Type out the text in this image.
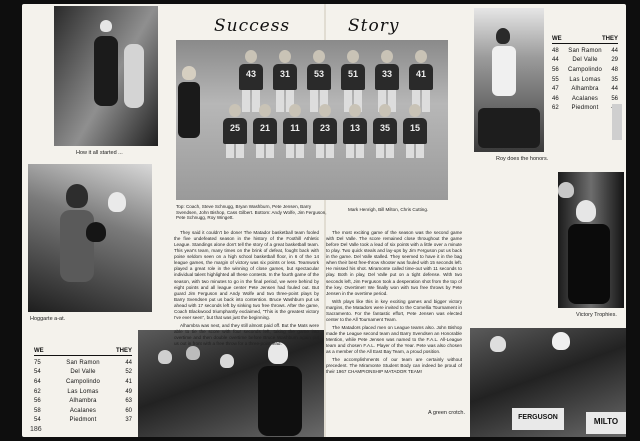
How it all started ...
Hoggarte a-at.
WE	THEY
75	San Ramon	44
54	Del Valle	52
64	Campolindo	41
62	Las Lomas	49
56	Alhambra	63
58	Acalanes	60
54	Piedmont	37
186
Success	Story
43	31	53	51	33	41
25	21	11	23	13	35	15
Top: Coach, Steve Schnugg, Bryan Washburn, Pete Jensen, Barry Svendsen, John Bishop, Cass Gilbert. Bottom: Andy Wolfe, Jim Ferguson, Pete Schnugg, Roy Wingett.
Mark Henrigh, Bill Milton, Chris Cutting.

They said it couldn't be done! The Matador basketball team fooled the five undefeated season in the history of the Foothill Athletic League. Standings alone don't tell the story of a great basketball team. This year's team, many times on the brink of defeat, fought back with poise seldom seen on a high school basketball floor, in 6 of the 14 league games, the margin of victory was six points or less. Teamwork played a great role in the winning of close games, but spectacular individual talent highlighted all these contests. In the fourth game of the season, with two minutes to go in the final period, we were behind by eight points and all league center Pete Jensen had fouled out. But guard Jim Ferguson and Andy Wolfe and two three-point plays by Barry Svendsen put us back into contention. Bruce Washburn put us ahead with 17 seconds left by sinking two free throws. After the game, Coach Blackwood triumphantly exclaimed, "This is the greatest victory I've ever seen", but that was just the beginning.

Alhambra was next, and they still almost paid off. But the Mats were able to tie the score with four seconds left, taking the game into overtime and then double overtime before Bruce Washburn again put us out in front with a free throw for a three-point lead.

The most exciting game of the season was the second game with Del Valle. The score remained close throughout the game before Del Valle took a lead of six points with a little over a minute to play. Two quick steals and lay-ups by Jim Ferguson put us back in the game. Del Valle stalled. They seemed to have it in the bag when their best free-throw shooter was fouled with 15 seconds left. He missed his shot. Miramonte called time-out with 11 seconds to play. Both in play, Del Valle put on a tight defense. With two seconds left, Jim Ferguson took a desperation shot from the top of the key. Overtime!! We finally won with two free throws by Pete Jensen in the overtime period.

With plays like this in key exciting games and bigger victory margins, the Matadors were invited to the Comellia Tournament in Sacramento. For the fantastic effort, Pete Jensen was elected center to the All Tournament Team.

The Matadors placed men on League teams also. John Bishop made the League second team and Barry Svendsen an Honorable Mention, while Pete Jensen was named to the F.A.L. All-League team and chosen F.A.L. Player of the Year. Pete was also chosen as a member of the All East Bay Team, a proud position.

The accomplishments of our team are certainly without precedent. The Miramonte Student Body can indeed be proud of their 1967 CHAMPIONSHIP MATADOR TEAM!

Roy does the honors.
WE	THEY
48	San Ramon	44
44	Del Valle	29
56	Campolindo	48
55	Las Lomas	35
47	Alhambra	44
46	Acalanes	56
62	Piedmont
Victory Trophies.
FERGUSON	MILTO
A green crotch.
